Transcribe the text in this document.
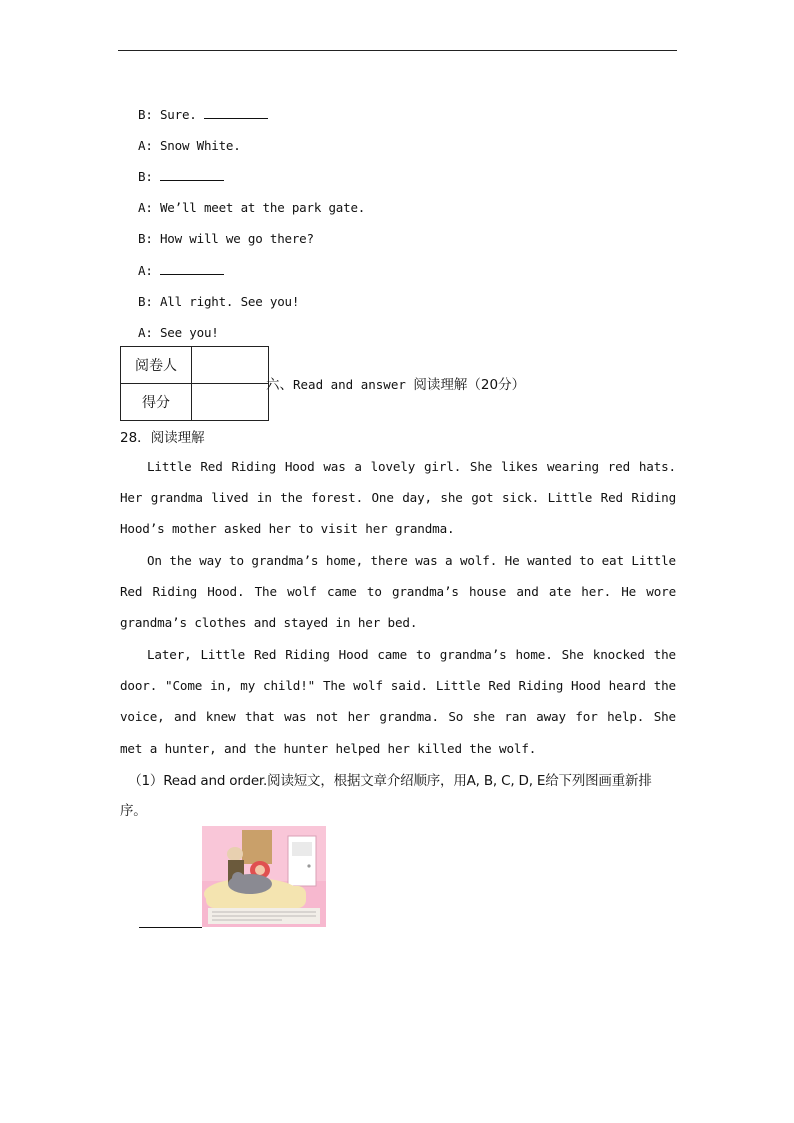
B: Sure.
A: Snow White.
B:
A: We’ll meet at the park gate.
B: How will we go there?
A:
B: All right. See you!
A: See you!
阅卷人	
得分	
六、Read and answer 阅读理解（20分）
28．阅读理解
Little Red Riding Hood was a lovely girl. She likes wearing red hats. Her grandma lived in the forest. One day, she got sick. Little Red Riding Hood’s mother asked her to visit her grandma.
On the way to grandma’s home, there was a wolf. He wanted to eat Little Red Riding Hood. The wolf came to grandma’s house and ate her. He wore grandma’s clothes and stayed in her bed.
Later, Little Red Riding Hood came to grandma’s home. She knocked the door. "Come in, my child!" The wolf said. Little Red Riding Hood heard the voice, and knew that was not her grandma. So she ran away for help. She met a hunter, and the hunter helped her killed the wolf.
（1）Read and order.阅读短文，根据文章介绍顺序，用A, B, C, D, E给下列图画重新排序。
